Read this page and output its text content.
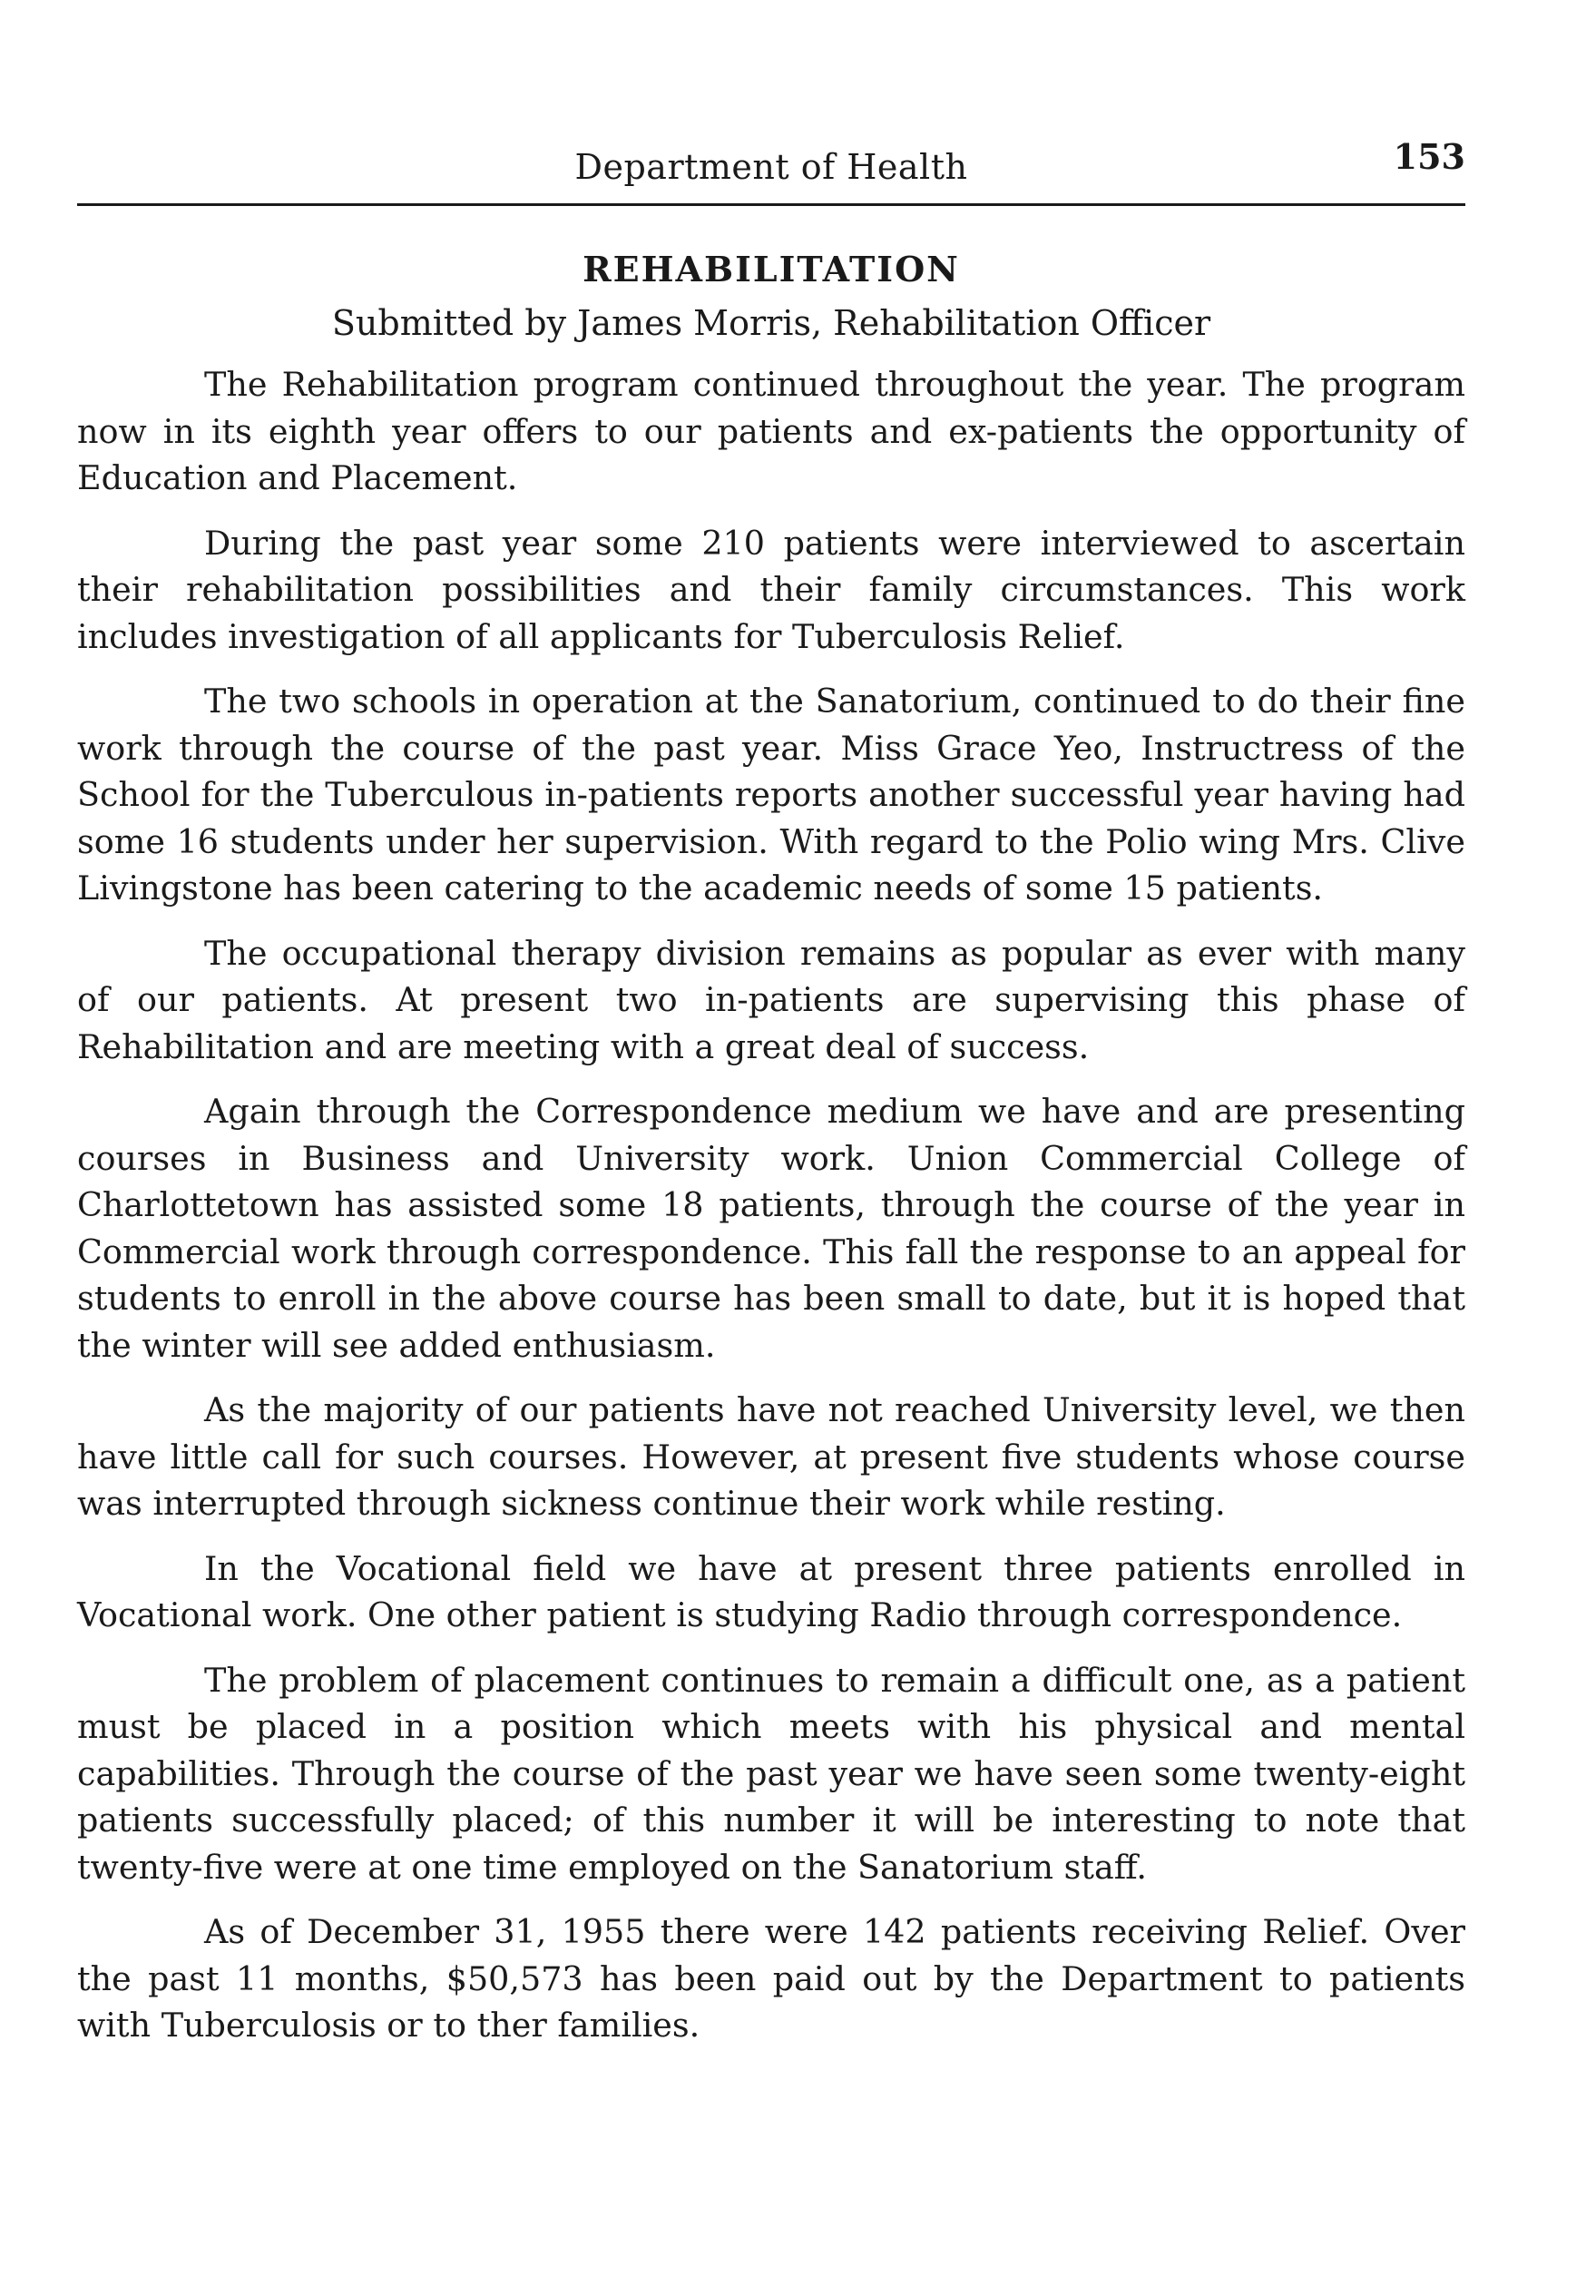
Department of Health	153
REHABILITATION
Submitted by James Morris, Rehabilitation Officer

The Rehabilitation program continued throughout the year. The program now in its eighth year offers to our patients and ex-patients the opportunity of Education and Placement.

During the past year some 210 patients were interviewed to ascertain their rehabilitation possibilities and their family circumstances. This work includes investigation of all applicants for Tuberculosis Relief.

The two schools in operation at the Sanatorium, continued to do their fine work through the course of the past year. Miss Grace Yeo, Instructress of the School for the Tuberculous in-patients reports another successful year having had some 16 students under her supervision. With regard to the Polio wing Mrs. Clive Livingstone has been catering to the academic needs of some 15 patients.

The occupational therapy division remains as popular as ever with many of our patients. At present two in-patients are supervising this phase of Rehabilitation and are meeting with a great deal of success.

Again through the Correspondence medium we have and are presenting courses in Business and University work. Union Commercial College of Charlottetown has assisted some 18 patients, through the course of the year in Commercial work through correspondence. This fall the response to an appeal for students to enroll in the above course has been small to date, but it is hoped that the winter will see added enthusiasm.

As the majority of our patients have not reached University level, we then have little call for such courses. However, at present five students whose course was interrupted through sickness continue their work while resting.

In the Vocational field we have at present three patients enrolled in Vocational work. One other patient is studying Radio through correspondence.

The problem of placement continues to remain a difficult one, as a patient must be placed in a position which meets with his physical and mental capabilities. Through the course of the past year we have seen some twenty-eight patients successfully placed; of this number it will be interesting to note that twenty-five were at one time employed on the Sanatorium staff.

As of December 31, 1955 there were 142 patients receiving Relief. Over the past 11 months, $50,573 has been paid out by the Department to patients with Tuberculosis or to ther families.
